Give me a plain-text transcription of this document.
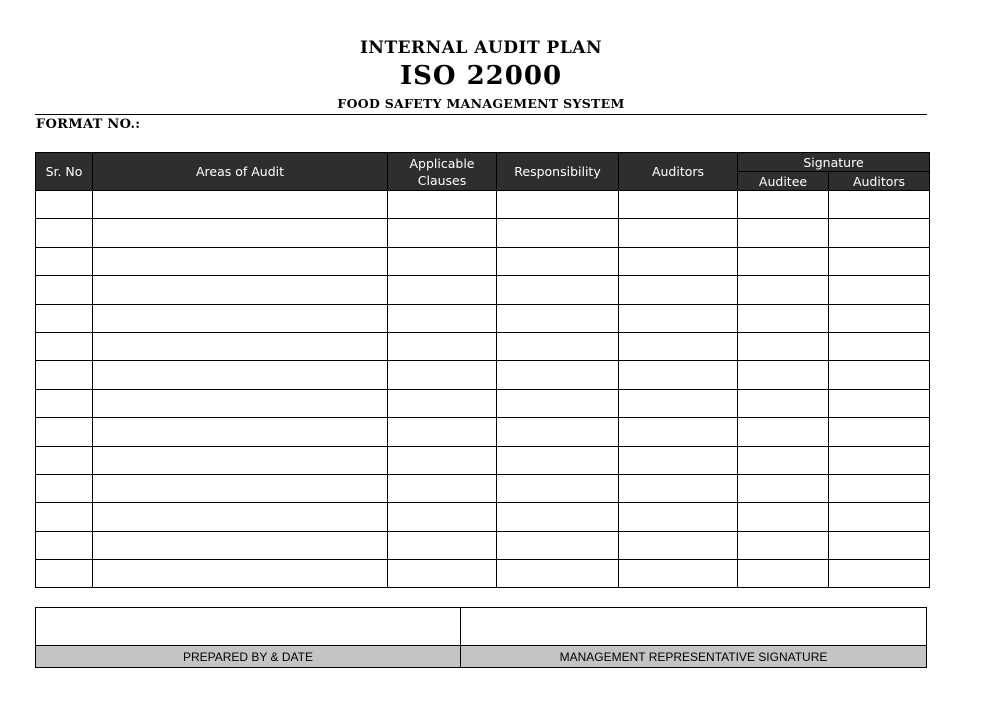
INTERNAL AUDIT PLAN
ISO 22000
FOOD SAFETY MANAGEMENT SYSTEM
FORMAT NO.:
Sr. No	Areas of Audit	Applicable Clauses	Responsibility	Auditors	Signature	
					Auditee	Auditors

PREPARED BY & DATE	MANAGEMENT REPRESENTATIVE SIGNATURE
